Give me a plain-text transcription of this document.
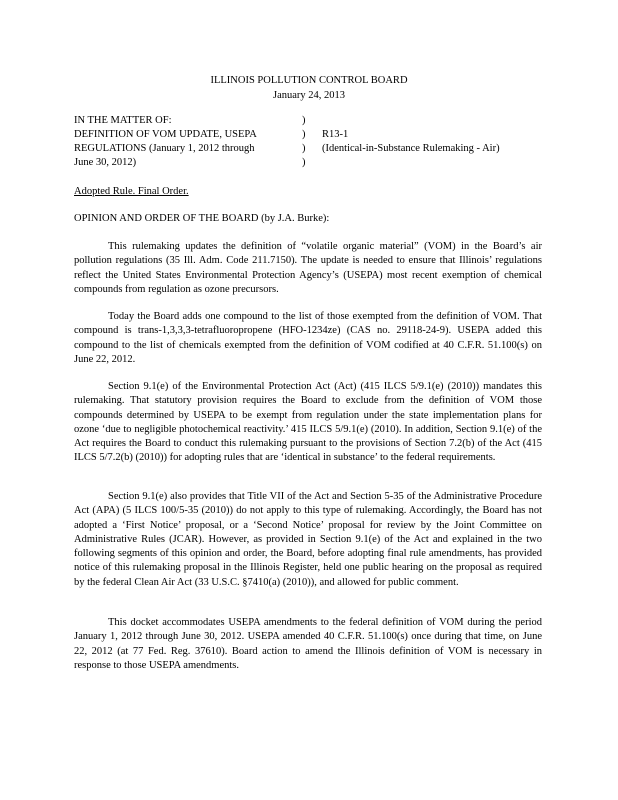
ILLINOIS POLLUTION CONTROL BOARD
January 24, 2013
IN THE MATTER OF:	)
DEFINITION OF VOM UPDATE, USEPA	)	R13-1
REGULATIONS (January 1, 2012 through	)	(Identical-in-Substance Rulemaking - Air)
June 30, 2012)	)
Adopted Rule. Final Order.
OPINION AND ORDER OF THE BOARD (by J.A. Burke):

This rulemaking updates the definition of “volatile organic material” (VOM) in the Board’s air pollution regulations (35 Ill. Adm. Code 211.7150). The update is needed to ensure that Illinois’ regulations reflect the United States Environmental Protection Agency’s (USEPA) most recent exemption of chemical compounds from regulation as ozone precursors.

Today the Board adds one compound to the list of those exempted from the definition of VOM. That compound is trans-1,3,3,3-tetrafluoropropene (HFO-1234ze) (CAS no. 29118-24-9). USEPA added this compound to the list of chemicals exempted from the definition of VOM codified at 40 C.F.R. 51.100(s) on June 22, 2012.

Section 9.1(e) of the Environmental Protection Act (Act) (415 ILCS 5/9.1(e) (2010)) mandates this rulemaking. That statutory provision requires the Board to exclude from the definition of VOM those compounds determined by USEPA to be exempt from regulation under the state implementation plans for ozone ‘due to negligible photochemical reactivity.’ 415 ILCS 5/9.1(e) (2010). In addition, Section 9.1(e) of the Act requires the Board to conduct this rulemaking pursuant to the provisions of Section 7.2(b) of the Act (415 ILCS 5/7.2(b) (2010)) for adopting rules that are ‘identical in substance’ to the federal requirements.

Section 9.1(e) also provides that Title VII of the Act and Section 5-35 of the Administrative Procedure Act (APA) (5 ILCS 100/5-35 (2010)) do not apply to this type of rulemaking. Accordingly, the Board has not adopted a ‘First Notice’ proposal, or a ‘Second Notice’ proposal for review by the Joint Committee on Administrative Rules (JCAR). However, as provided in Section 9.1(e) of the Act and explained in the two following segments of this opinion and order, the Board, before adopting final rule amendments, has provided notice of this rulemaking proposal in the Illinois Register, held one public hearing on the proposal as required by the federal Clean Air Act (33 U.S.C. §7410(a) (2010)), and allowed for public comment.

This docket accommodates USEPA amendments to the federal definition of VOM during the period January 1, 2012 through June 30, 2012. USEPA amended 40 C.F.R. 51.100(s) once during that time, on June 22, 2012 (at 77 Fed. Reg. 37610). Board action to amend the Illinois definition of VOM is necessary in response to those USEPA amendments.
